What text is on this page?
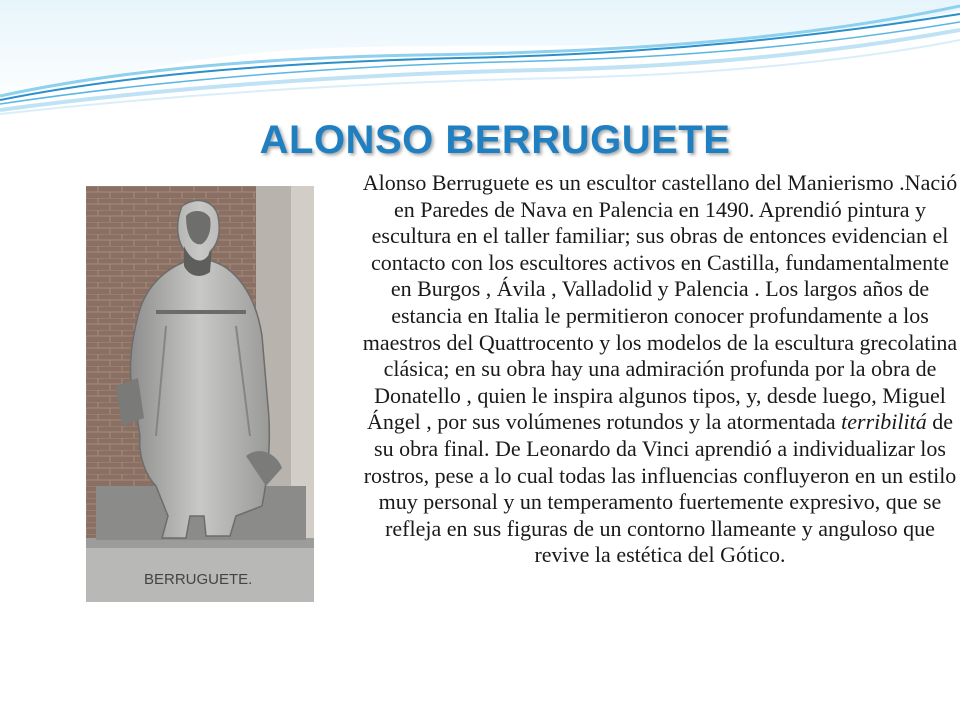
ALONSO BERRUGUETE
BERRUGUETE.
Alonso Berruguete es un escultor castellano del Manierismo .Nació en Paredes de Nava en Palencia en 1490. Aprendió pintura y escultura en el taller familiar; sus obras de entonces evidencian el contacto con los escultores activos en Castilla, fundamentalmente en Burgos , Ávila , Valladolid y Palencia . Los largos años de estancia en Italia le permitieron conocer profundamente a los maestros del Quattrocento y los modelos de la escultura grecolatina clásica; en su obra hay una admiración profunda por la obra de Donatello , quien le inspira algunos tipos, y, desde luego, Miguel Ángel , por sus volúmenes rotundos y la atormentada terribilitá de su obra final. De Leonardo da Vinci aprendió a individualizar los rostros, pese a lo cual todas las influencias confluyeron en un estilo muy personal y un temperamento fuertemente expresivo, que se refleja en sus figuras de un contorno llameante y anguloso que revive la estética del Gótico.
